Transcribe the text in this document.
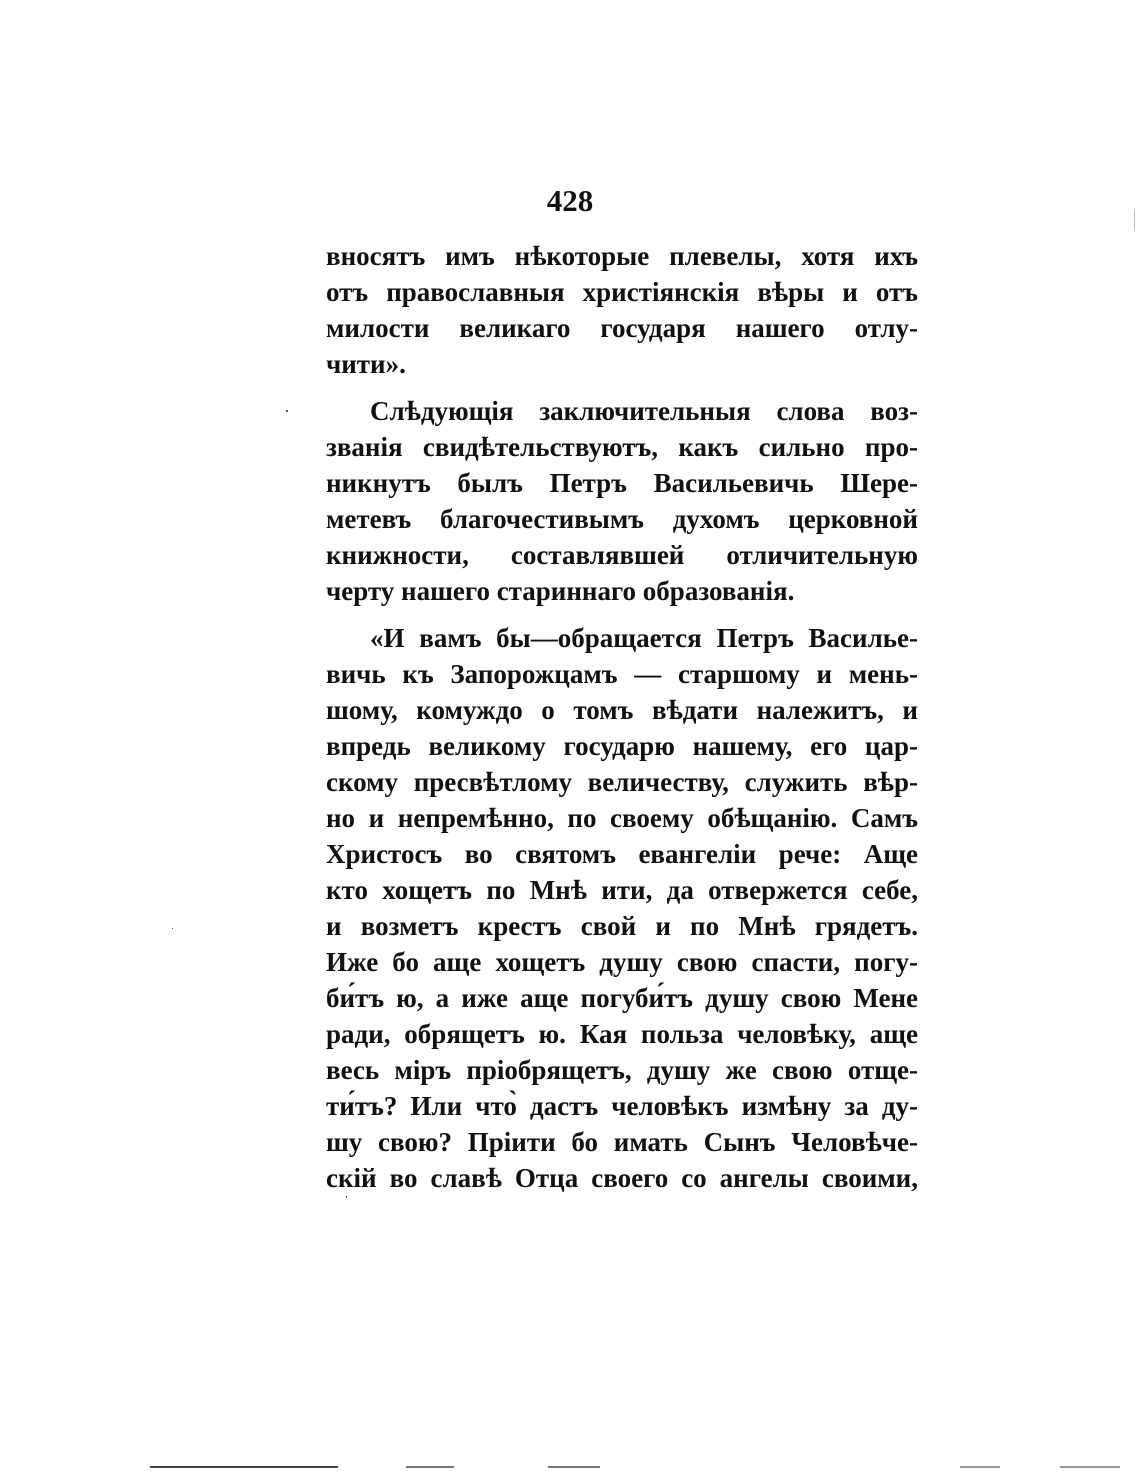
428
вносятъ имъ нѣкоторые плевелы, хотя ихъ
отъ православныя христіянскія вѣры и отъ
милости великаго государя нашего отлу-
чити».
Слѣдующія заключительныя слова воз-
званія свидѣтельствуютъ, какъ сильно про-
никнутъ былъ Петръ Васильевичь Шере-
метевъ благочестивымъ духомъ церковной
книжности, составлявшей отличительную
черту нашего стариннаго образованія.
«И вамъ бы—обращается Петръ Василье-
вичь къ Запорожцамъ — старшому и мень-
шому, комуждо о томъ вѣдати належитъ, и
впредь великому государю нашему, его цар-
скому пресвѣтлому величеству, служить вѣр-
но и непремѣнно, по своему обѣщанію. Самъ
Христосъ во святомъ евангеліи рече: Аще
кто хощетъ по Мнѣ ити, да отвержется себе,
и возметъ крестъ свой и по Мнѣ грядетъ.
Иже бо аще хощетъ душу свою спасти, погу-
би́тъ ю, а иже аще погуби́тъ душу свою Мене
ради, обрящетъ ю. Кая польза человѣку, аще
весь міръ пріобрящетъ, душу же свою отще-
ти́тъ? Или что̀ дастъ человѣкъ измѣну за ду-
шу свою? Пріити бо имать Сынъ Человѣче-
скій во славѣ Отца своего со ангелы своими,
